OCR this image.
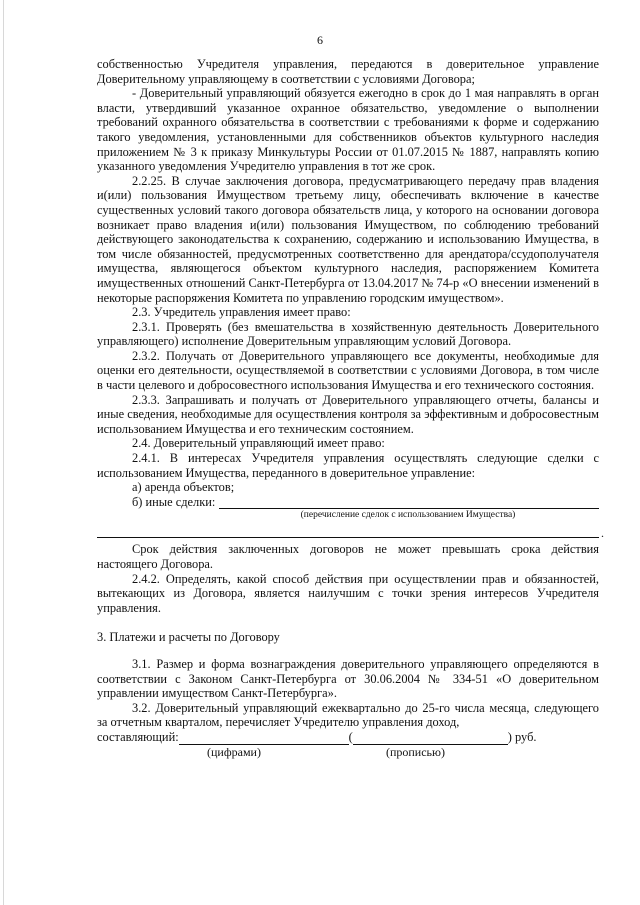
6

собственностью Учредителя управления, передаются в доверительное управление Доверительному управляющему в соответствии с условиями Договора;

- Доверительный управляющий обязуется ежегодно в срок до 1 мая направлять в орган власти, утвердивший указанное охранное обязательство, уведомление о выполнении требований охранного обязательства в соответствии с требованиями к форме и содержанию такого уведомления, установленными для собственников объектов культурного наследия приложением № 3 к приказу Минкультуры России от 01.07.2015 № 1887, направлять копию указанного уведомления Учредителю управления в тот же срок.

2.2.25. В случае заключения договора, предусматривающего передачу прав владения и(или) пользования Имуществом третьему лицу, обеспечивать включение в качестве существенных условий такого договора обязательств лица, у которого на основании договора возникает право владения и(или) пользования Имуществом, по соблюдению требований действующего законодательства к сохранению, содержанию и использованию Имущества, в том числе обязанностей, предусмотренных соответственно для арендатора/ссудополучателя имущества, являющегося объектом культурного наследия, распоряжением Комитета имущественных отношений Санкт-Петербурга от 13.04.2017 № 74-р «О внесении изменений в некоторые распоряжения Комитета по управлению городским имуществом».

2.3. Учредитель управления имеет право:

2.3.1. Проверять (без вмешательства в хозяйственную деятельность Доверительного управляющего) исполнение Доверительным управляющим условий Договора.

2.3.2. Получать от Доверительного управляющего все документы, необходимые для оценки его деятельности, осуществляемой в соответствии с условиями Договора, в том числе в части целевого и добросовестного использования Имущества и его технического состояния.

2.3.3. Запрашивать и получать от Доверительного управляющего отчеты, балансы и иные сведения, необходимые для осуществления контроля за эффективным и добросовестным использованием Имущества и его техническим состоянием.

2.4. Доверительный управляющий имеет право:

2.4.1. В интересах Учредителя управления осуществлять следующие сделки с использованием Имущества, переданного в доверительное управление:

а) аренда объектов;

б) иные сделки:
(перечисление сделок с использованием Имущества)
.

Срок действия заключенных договоров не может превышать срока действия настоящего Договора.

2.4.2. Определять, какой способ действия при осуществлении прав и обязанностей, вытекающих из Договора, является наилучшим с точки зрения интересов Учредителя управления.

3. Платежи и расчеты по Договору

3.1. Размер и форма вознаграждения доверительного управляющего определяются в соответствии с Законом Санкт-Петербурга от 30.06.2004 № 334-51 «О доверительном управлении имуществом Санкт-Петербурга».

3.2. Доверительный управляющий ежеквартально до 25-го числа месяца, следующего за отчетным кварталом, перечисляет Учредителю управления доход,

составляющий:	(	) руб.
(цифрами)	(прописью)
